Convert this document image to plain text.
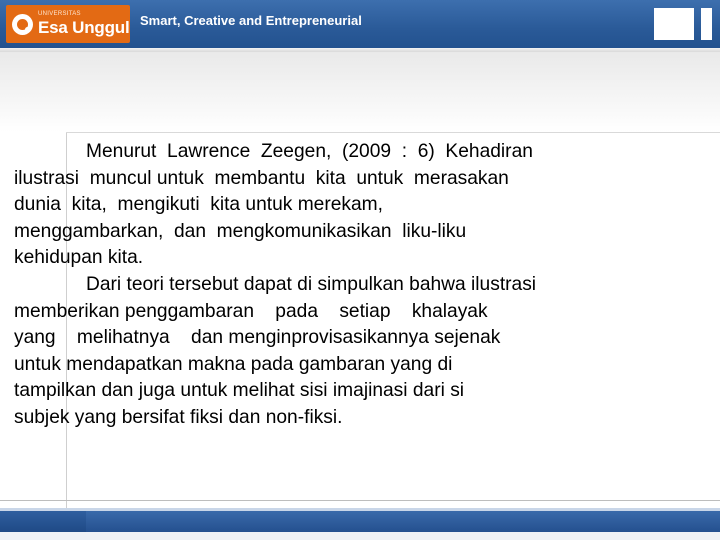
UNIVERSITAS
Esa Unggul Smart, Creative and Entrepreneurial
Menurut  Lawrence  Zeegen,  (2009  :  6)  Kehadiran
ilustrasi  muncul untuk  membantu  kita  untuk  merasakan
dunia  kita,  mengikuti  kita untuk merekam,
menggambarkan,  dan  mengkomunikasikan  liku-liku
kehidupan kita.
Dari teori tersebut dapat di simpulkan bahwa ilustrasi
memberikan penggambaran    pada    setiap    khalayak
yang    melihatnya    dan menginprovisasikannya sejenak
untuk mendapatkan makna pada gambaran yang di
tampilkan dan juga untuk melihat sisi imajinasi dari si
subjek yang bersifat fiksi dan non-fiksi.
